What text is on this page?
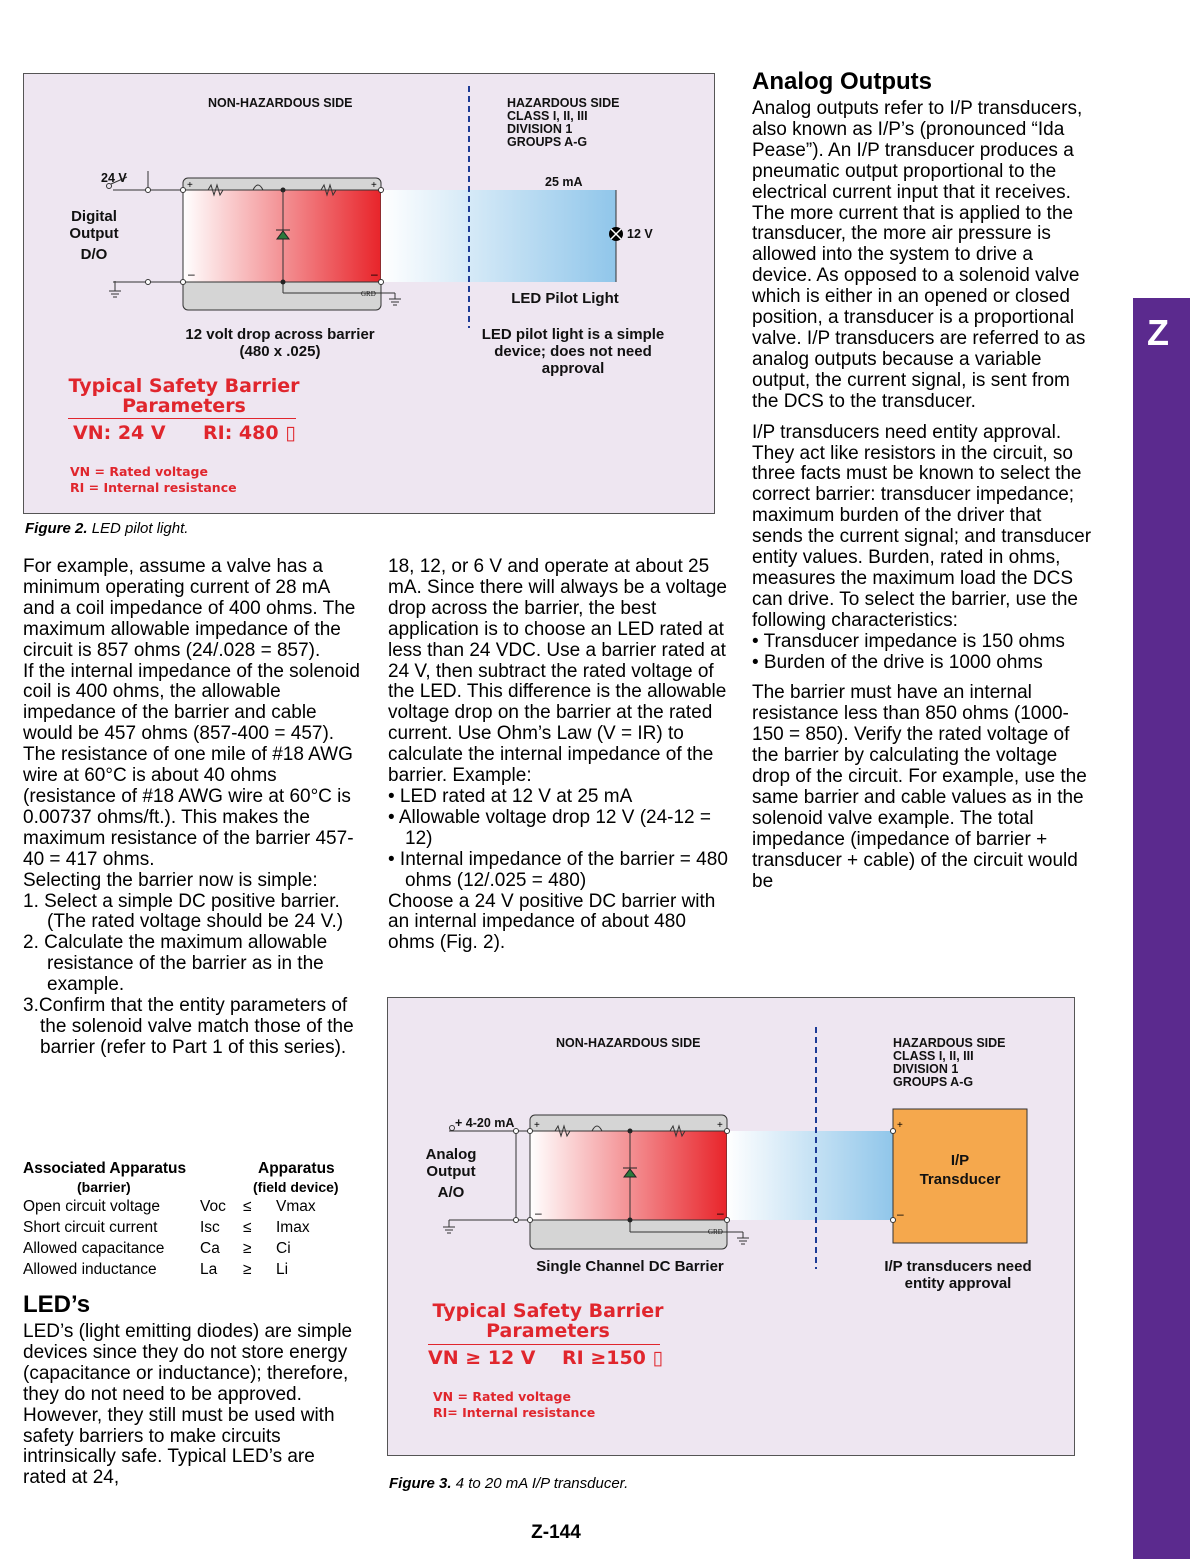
Z
+	+
–	–
GRD
NON-HAZARDOUS SIDE	HAZARDOUS SIDE
CLASS I, II, III
DIVISION 1
GROUPS A-G
24 V	25 mA
12 V
Digital
Output
D/O
LED Pilot Light
12 volt drop across barrier
(480 x .025)
LED pilot light is a simple
device; does not need
approval
Typical Safety Barrier
Parameters
VN: 24 V RI: 480 ▯
VN = Rated voltage
RI = Internal resistance
Figure 2. LED pilot light.

For example, assume a valve has a minimum operating current of 28 mA and a coil impedance of 400 ohms. The maximum allowable impedance of the circuit is 857 ohms (24/.028 = 857).

If the internal impedance of the solenoid coil is 400 ohms, the allowable impedance of the barrier and cable would be 457 ohms (857-400 = 457). The resistance of one mile of #18 AWG wire at 60°C is about 40 ohms (resistance of #18 AWG wire at 60°C is 0.00737 ohms/ft.). This makes the maximum resistance of the barrier 457-40 = 417 ohms.

Selecting the barrier now is simple:

1. Select a simple DC positive barrier. (The rated voltage should be 24 V.)
2. Calculate the maximum allowable resistance of the barrier as in the example.
3.Confirm that the entity parameters of the solenoid valve match those of the barrier (refer to Part 1 of this series).
Associated Apparatus
(barrier)
Apparatus
(field device)
Open circuit voltage	Voc ≤ Vmax
Short circuit current	Isc ≤ Imax
Allowed capacitance Ca ≥ Ci
Allowed inductance	La ≥ Li
LED’s

LED’s (light emitting diodes) are simple devices since they do not store energy (capacitance or inductance); therefore, they do not need to be approved. However, they still must be used with safety barriers to make circuits intrinsically safe. Typical LED’s are rated at 24,

18, 12, or 6 V and operate at about 25 mA. Since there will always be a voltage drop across the barrier, the best application is to choose an LED rated at less than 24 VDC. Use a barrier rated at 24 V, then subtract the rated voltage of the LED. This difference is the allowable voltage drop on the barrier at the rated current. Use Ohm’s Law (V = IR) to calculate the internal impedance of the barrier. Example:

• LED rated at 12 V at 25 mA
• Allowable voltage drop 12 V (24-12 = 12)
• Internal impedance of the barrier = 480 ohms (12/.025 = 480)

Choose a 24 V positive DC barrier with an internal impedance of about 480 ohms (Fig. 2).

Analog Outputs

Analog outputs refer to I/P transducers, also known as I/P’s (pronounced “Ida Pease”). An I/P transducer produces a pneumatic output proportional to the electrical current input that it receives. The more current that is applied to the transducer, the more air pressure is allowed into the system to drive a device. As opposed to a solenoid valve which is either in an opened or closed position, a transducer is a proportional valve. I/P transducers are referred to as analog outputs because a variable output, the current signal, is sent from the DCS to the transducer.

I/P transducers need entity approval. They act like resistors in the circuit, so three facts must be known to select the correct barrier: transducer impedance; maximum burden of the driver that sends the current signal; and transducer entity values. Burden, rated in ohms, measures the maximum load the DCS can drive. To select the barrier, use the following characteristics:

• Transducer impedance is 150 ohms
• Burden of the drive is 1000 ohms

The barrier must have an internal resistance less than 850 ohms (1000-150 = 850). Verify the rated voltage of the barrier by calculating the voltage drop of the circuit. For example, use the same barrier and cable values as in the solenoid valve example. The total impedance (impedance of barrier + transducer + cable) of the circuit would be

+	+
–	–
+
–
GRD
NON-HAZARDOUS SIDE	HAZARDOUS SIDE
CLASS I, II, III
DIVISION 1
GROUPS A-G
+ 4-20 mA
Analog
Output
A/O
I/P
Transducer
Single Channel DC Barrier	I/P transducers need
entity approval
Typical Safety Barrier
Parameters
VN ≥ 12 V RI ≥150 ▯
VN = Rated voltage
RI= Internal resistance
Figure 3. 4 to 20 mA I/P transducer.
Z-144
